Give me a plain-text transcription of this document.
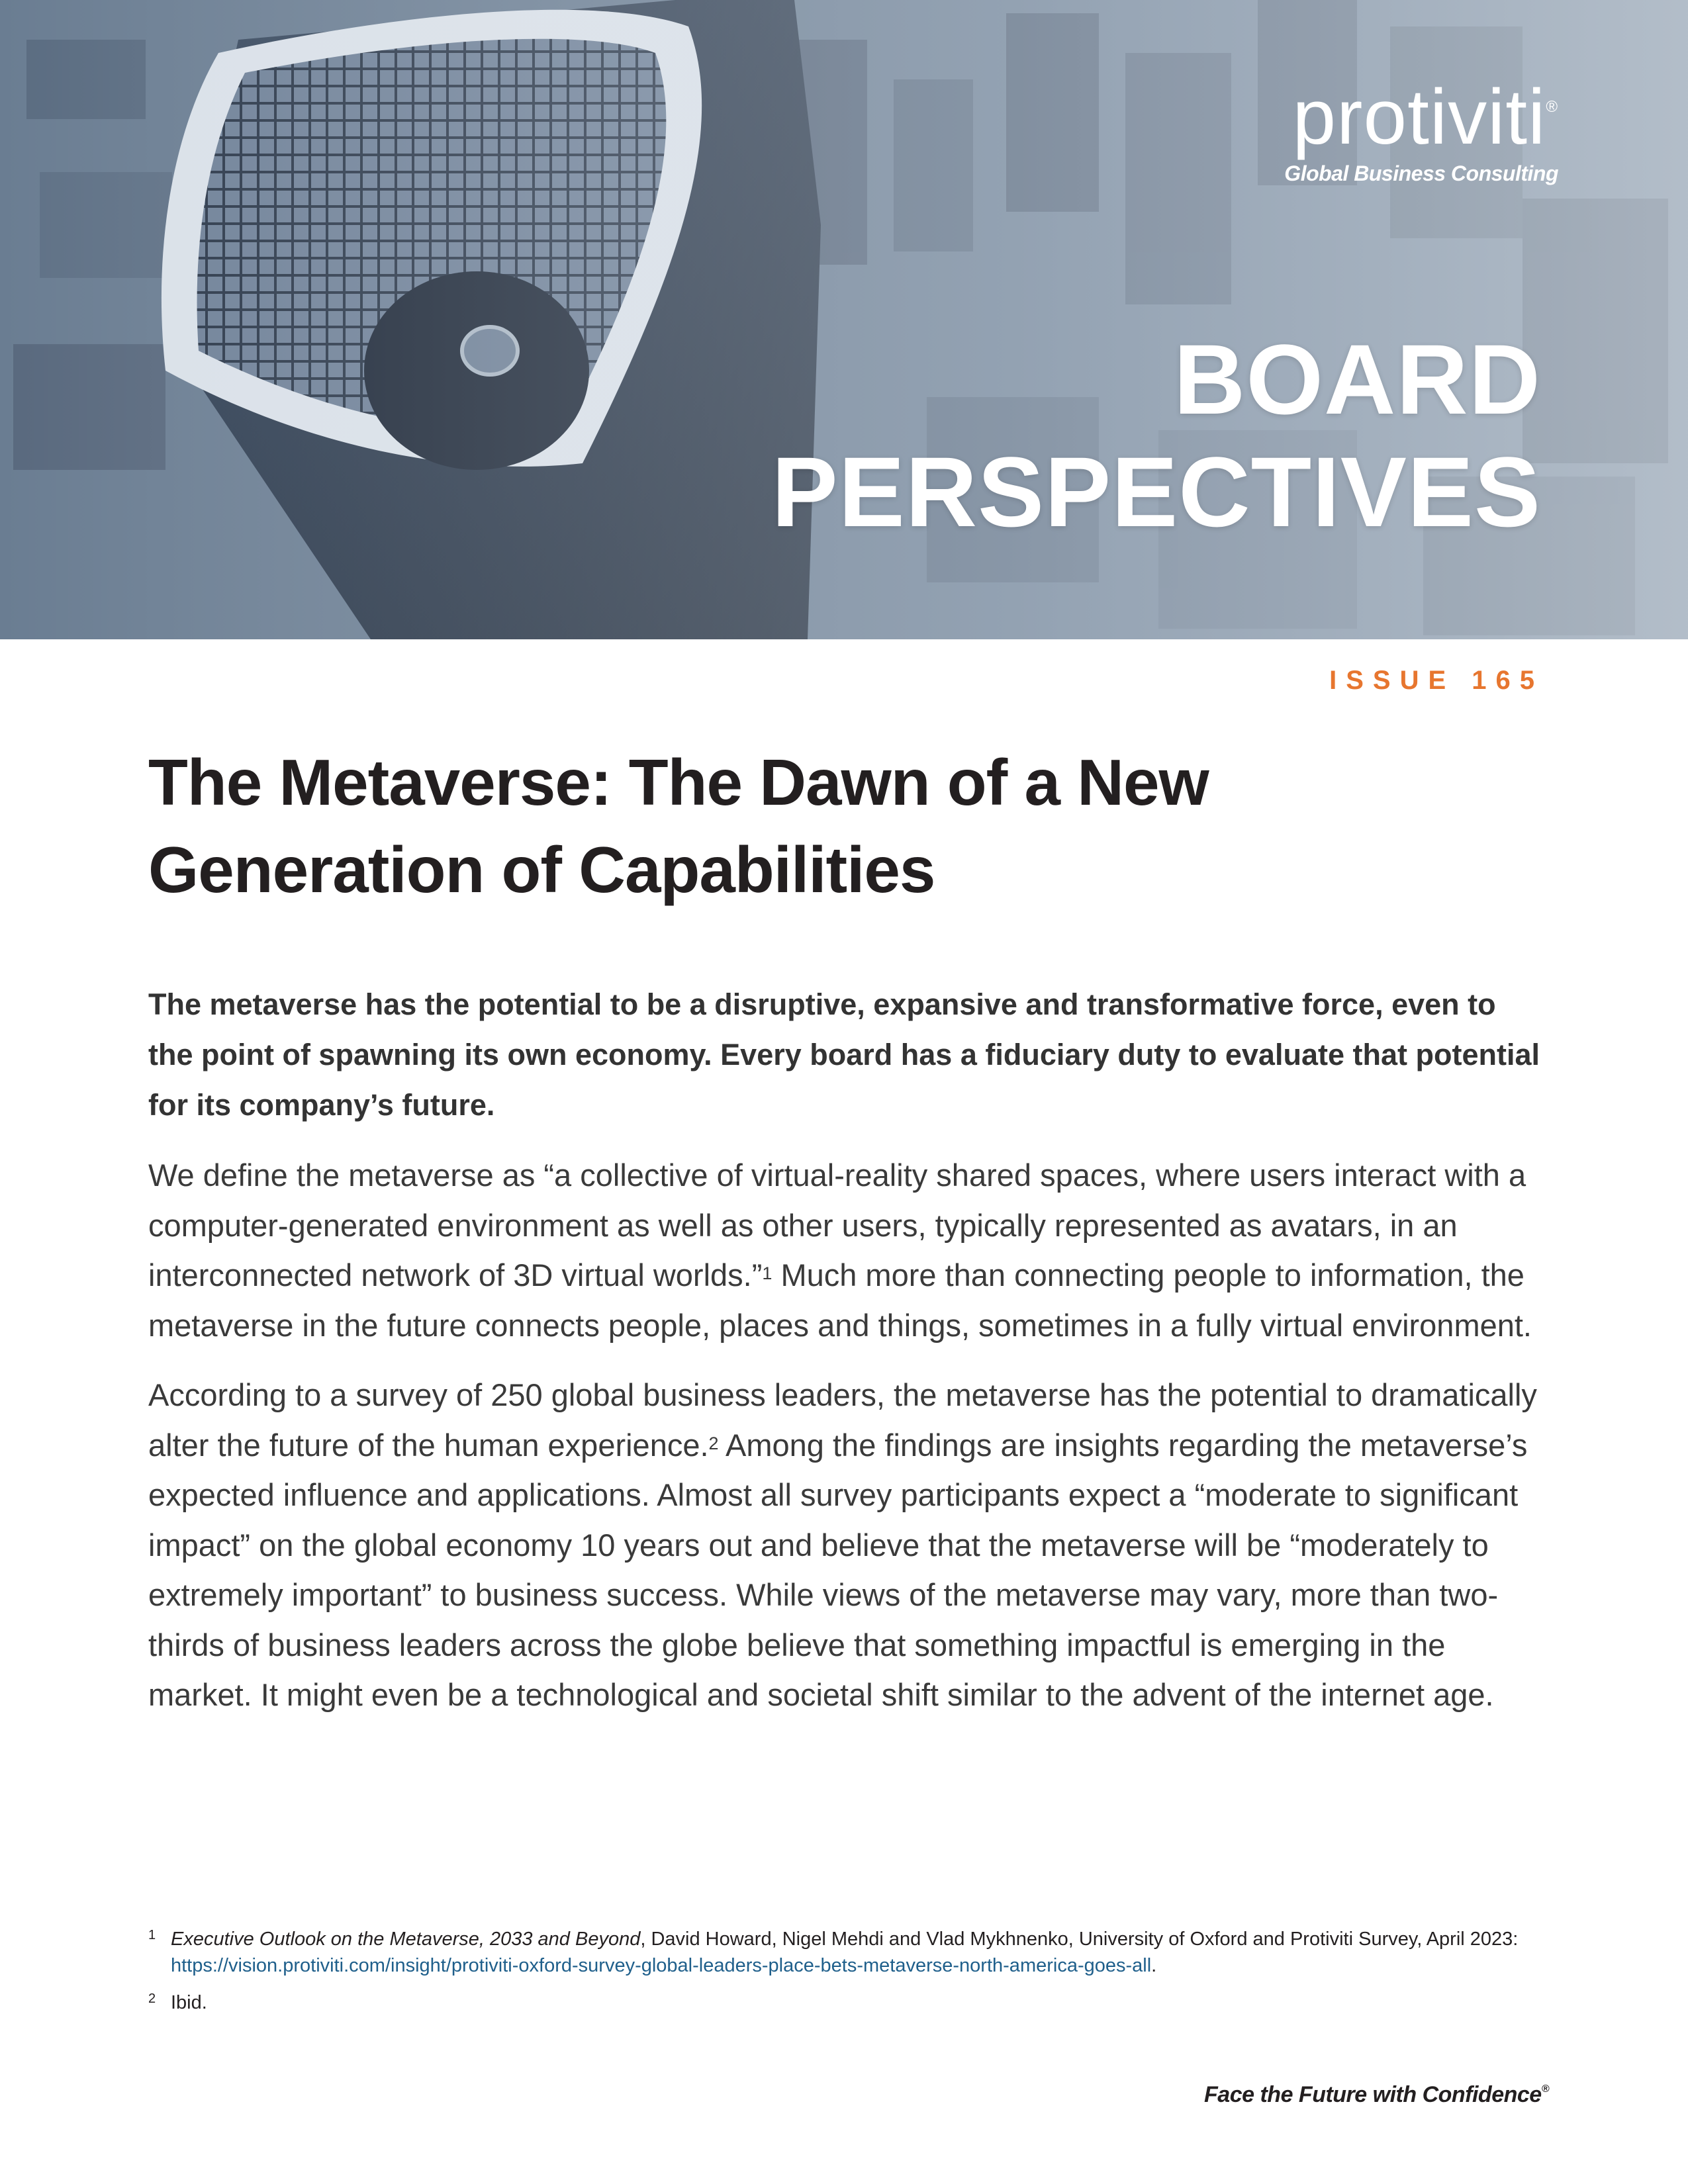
protiviti®
Global Business Consulting
BOARD
PERSPECTIVES
ISSUE 165
The Metaverse: The Dawn of a New Generation of Capabilities

The metaverse has the potential to be a disruptive, expansive and transformative force, even to the point of spawning its own economy. Every board has a fiduciary duty to evaluate that potential for its company’s future.

We define the metaverse as “a collective of virtual-reality shared spaces, where users interact with a computer-generated environment as well as other users, typically represented as avatars, in an interconnected network of 3D virtual worlds.”$^1$ Much more than connecting people to information, the metaverse in the future connects people, places and things, sometimes in a fully virtual environment.

According to a survey of 250 global business leaders, the metaverse has the potential to dramatically alter the future of the human experience.$^2$ Among the findings are insights regarding the metaverse’s expected influence and applications. Almost all survey participants expect a “moderate to significant impact” on the global economy 10 years out and believe that the metaverse will be “moderately to extremely important” to business success. While views of the metaverse may vary, more than two-thirds of business leaders across the globe believe that something impactful is emerging in the market. It might even be a technological and societal shift similar to the advent of the internet age.

1 Executive Outlook on the Metaverse, 2033 and Beyond, David Howard, Nigel Mehdi and Vlad Mykhnenko, University of Oxford and Protiviti Survey, April 2023:
https://vision.protiviti.com/insight/protiviti-oxford-survey-global-leaders-place-bets-metaverse-north-america-goes-all.
2 Ibid.
Face the Future with Confidence®
